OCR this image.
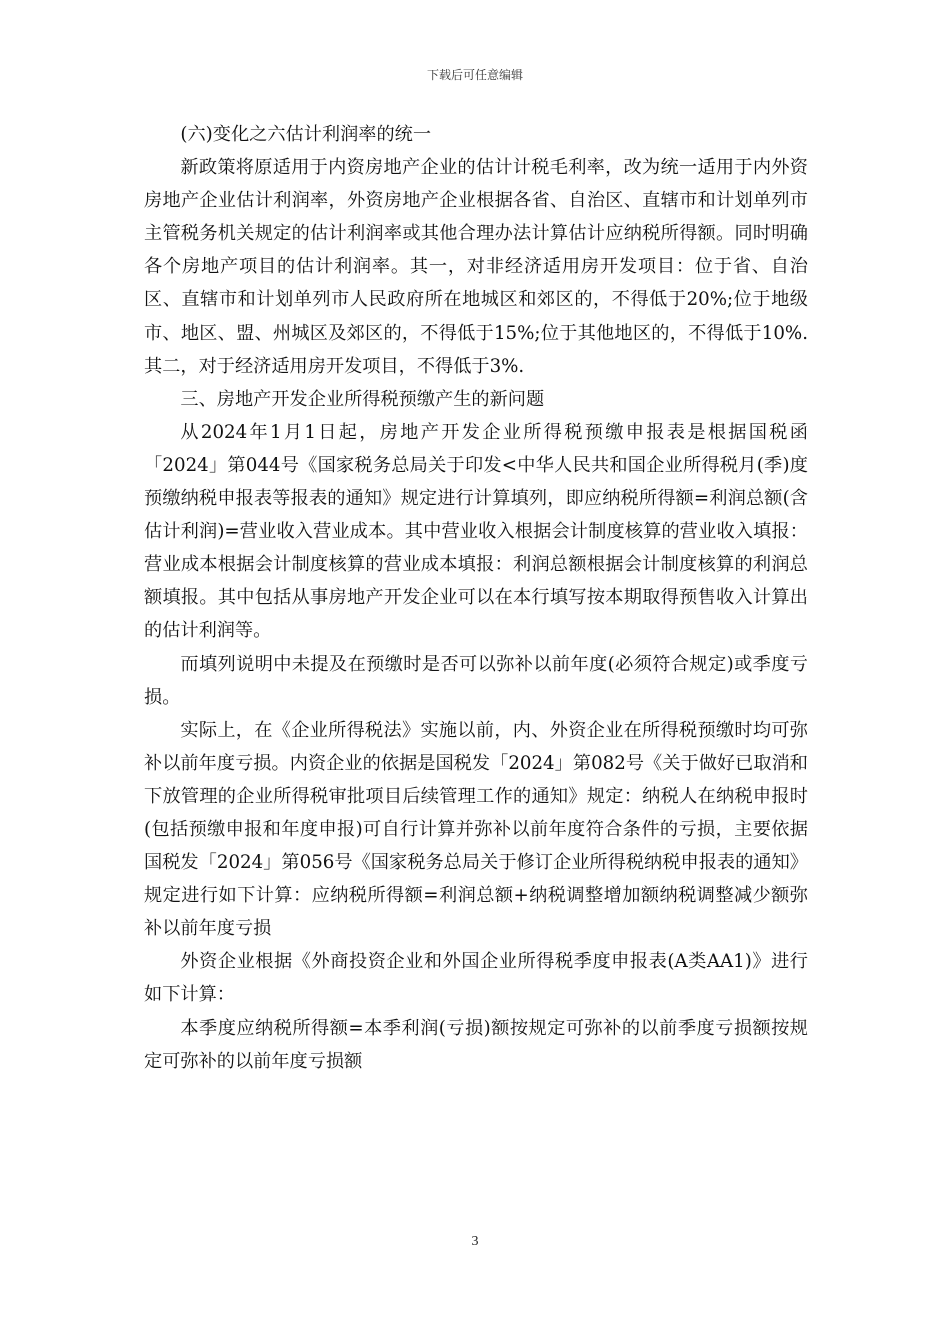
下载后可任意编辑

(六)变化之六估计利润率的统一

新政策将原适用于内资房地产企业的估计计税毛利率，改为统一适用于内外资房地产企业估计利润率，外资房地产企业根据各省、自治区、直辖市和计划单列市主管税务机关规定的估计利润率或其他合理办法计算估计应纳税所得额。同时明确各个房地产项目的估计利润率。其一，对非经济适用房开发项目：位于省、自治区、直辖市和计划单列市人民政府所在地城区和郊区的，不得低于20%;位于地级市、地区、盟、州城区及郊区的，不得低于15%;位于其他地区的，不得低于10%.其二，对于经济适用房开发项目，不得低于3%.

三、房地产开发企业所得税预缴产生的新问题

从2024年1月1日起，房地产开发企业所得税预缴申报表是根据国税函「2024」第044号《国家税务总局关于印发<中华人民共和国企业所得税月(季)度预缴纳税申报表等报表的通知》规定进行计算填列，即应纳税所得额=利润总额(含估计利润)=营业收入营业成本。其中营业收入根据会计制度核算的营业收入填报：营业成本根据会计制度核算的营业成本填报：利润总额根据会计制度核算的利润总额填报。其中包括从事房地产开发企业可以在本行填写按本期取得预售收入计算出的估计利润等。

而填列说明中未提及在预缴时是否可以弥补以前年度(必须符合规定)或季度亏损。

实际上，在《企业所得税法》实施以前，内、外资企业在所得税预缴时均可弥补以前年度亏损。内资企业的依据是国税发「2024」第082号《关于做好已取消和下放管理的企业所得税审批项目后续管理工作的通知》规定：纳税人在纳税申报时(包括预缴申报和年度申报)可自行计算并弥补以前年度符合条件的亏损，主要依据国税发「2024」第056号《国家税务总局关于修订企业所得税纳税申报表的通知》规定进行如下计算：应纳税所得额=利润总额+纳税调整增加额纳税调整减少额弥补以前年度亏损

外资企业根据《外商投资企业和外国企业所得税季度申报表(A类AA1)》进行如下计算：

本季度应纳税所得额=本季利润(亏损)额按规定可弥补的以前季度亏损额按规定可弥补的以前年度亏损额

3
